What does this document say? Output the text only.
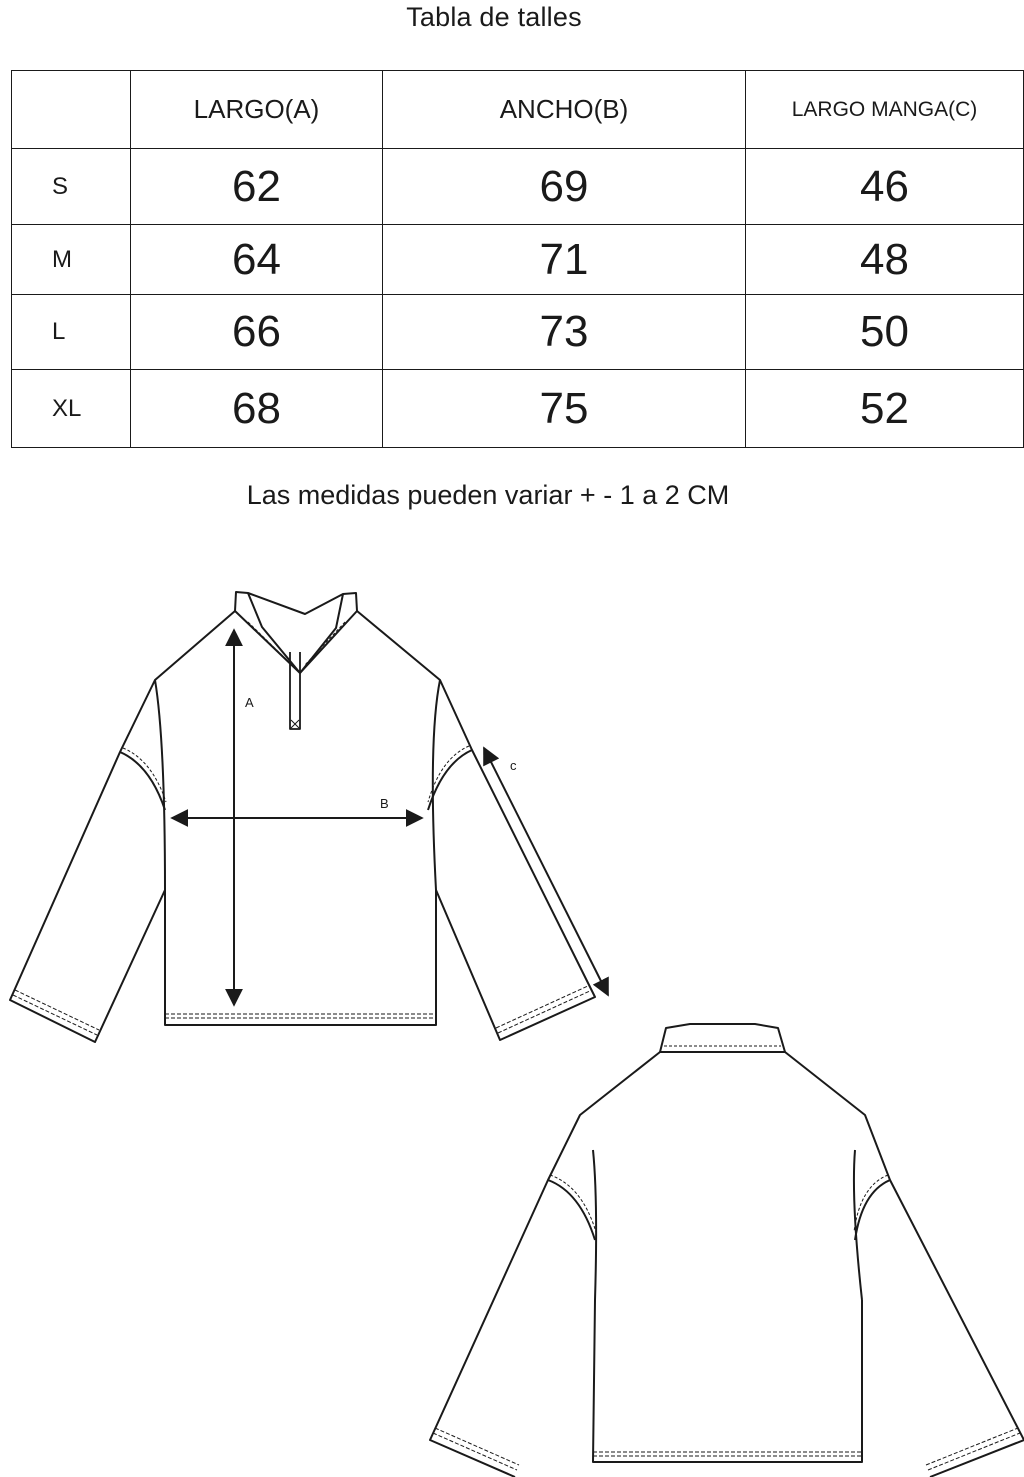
Tabla de talles
	LARGO(A)	ANCHO(B)	LARGO MANGA(C)
S	62	69	46
M	64	71	48
L	66	73	50
XL	68	75	52
Las medidas pueden variar + - 1 a 2 CM
A
B
c
